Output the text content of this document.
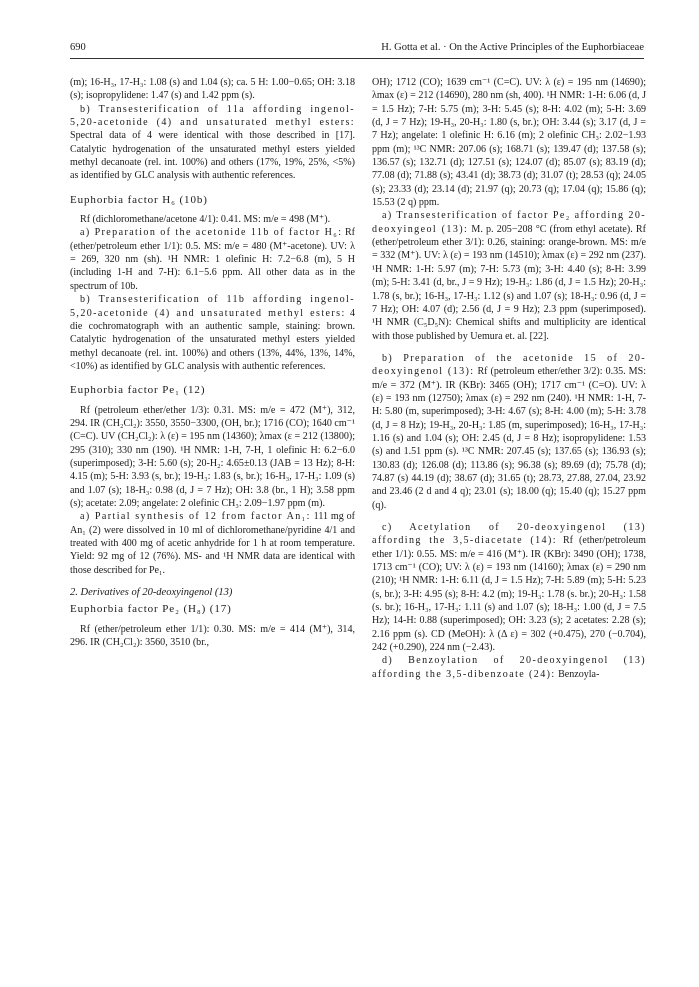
690	H. Gotta et al. · On the Active Principles of the Euphorbiaceae

(m); 16-H₃, 17-H₃: 1.08 (s) and 1.04 (s); ca. 5 H: 1.00−0.65; OH: 3.18 (s); isopropylidene: 1.47 (s) and 1.42 ppm (s).

b) Transesterification of 11a affording ingenol-5,20-acetonide (4) and unsaturated methyl esters: Spectral data of 4 were identical with those described in [17]. Catalytic hydrogenation of the unsaturated methyl esters yielded methyl decanoate (rel. int. 100%) and others (17%, 19%, 25%, <5%) as identified by GLC analysis with authentic references.

Euphorbia factor H₆ (10b)

Rf (dichloromethane/acetone 4/1): 0.41. MS: m/e = 498 (M⁺).

a) Preparation of the acetonide 11b of factor H₆: Rf (ether/petroleum ether 1/1): 0.5. MS: m/e = 480 (M⁺-acetone). UV: λ = 269, 320 nm (sh). ¹H NMR: 1 olefinic H: 7.2−6.8 (m), 5 H (including 1-H and 7-H): 6.1−5.6 ppm. All other data as in the spectrum of 10b.

b) Transesterification of 11b affording ingenol-5,20-acetonide (4) and unsaturated methyl esters: 4 die cochromatograph with an authentic sample, staining: brown. Catalytic hydrogenation of the unsaturated methyl esters yielded methyl decanoate (rel. int. 100%) and others (13%, 44%, 13%, 14%, <10%) as identified by GLC analysis with authentic references.

Euphorbia factor Pe₁ (12)

Rf (petroleum ether/ether 1/3): 0.31. MS: m/e = 472 (M⁺), 312, 294. IR (CH₂Cl₂): 3550, 3550−3300, (OH, br.); 1716 (CO); 1640 cm⁻¹ (C=C). UV (CH₂Cl₂): λ (ε) = 195 nm (14360); λmax (ε = 212 (13800); 295 (310); 330 nm (190). ¹H NMR: 1-H, 7-H, 1 olefinic H: 6.2−6.0 (superimposed); 3-H: 5.60 (s); 20-H₂: 4.65±0.13 (JAB = 13 Hz); 8-H: 4.15 (m); 5-H: 3.93 (s, br.); 19-H₃: 1.83 (s, br.); 16-H₃, 17-H₃: 1.09 (s) and 1.07 (s); 18-H₃: 0.98 (d, J = 7 Hz); OH: 3.8 (br., 1 H); 3.58 ppm (s); acetate: 2.09; angelate: 2 olefinic CH₃: 2.09−1.97 ppm (m).

a) Partial synthesis of 12 from factor An₁: 111 mg of An₁ (2) were dissolved in 10 ml of dichloromethane/pyridine 4/1 and treated with 400 mg of acetic anhydride for 1 h at room temperature. Yield: 92 mg of 12 (76%). MS- and ¹H NMR data are identical with those described for Pe₁.

2. Derivatives of 20-deoxyingenol (13)

Euphorbia factor Pe₂ (H₈) (17)

Rf (ether/petroleum ether 1/1): 0.30. MS: m/e = 414 (M⁺), 314, 296. IR (CH₂Cl₂): 3560, 3510 (br.,

OH); 1712 (CO); 1639 cm⁻¹ (C=C). UV: λ (ε) = 195 nm (14690); λmax (ε) = 212 (14690), 280 nm (sh, 400). ¹H NMR: 1-H: 6.06 (d, J = 1.5 Hz); 7-H: 5.75 (m); 3-H: 5.45 (s); 8-H: 4.02 (m); 5-H: 3.69 (d, J = 7 Hz); 19-H₃, 20-H₃: 1.80 (s, br.); OH: 3.44 (s); 3.17 (d, J = 7 Hz); angelate: 1 olefinic H: 6.16 (m); 2 olefinic CH₃: 2.02−1.93 ppm (m); ¹³C NMR: 207.06 (s); 168.71 (s); 139.47 (d); 137.58 (s); 136.57 (s); 132.71 (d); 127.51 (s); 124.07 (d); 85.07 (s); 83.19 (d); 77.08 (d); 71.88 (s); 43.41 (d); 38.73 (d); 31.07 (t); 28.53 (q); 24.05 (s); 23.33 (d); 23.14 (d); 21.97 (q); 20.73 (q); 17.04 (q); 15.86 (q); 15.53 (2 q) ppm.

a) Transesterification of factor Pe₂ affording 20-deoxyingeol (13): M. p. 205−208 °C (from ethyl acetate). Rf (ether/petroleum ether 3/1): 0.26, staining: orange-brown. MS: m/e = 332 (M⁺). UV: λ (ε) = 193 nm (14510); λmax (ε) = 292 nm (237). ¹H NMR: 1-H: 5.97 (m); 7-H: 5.73 (m); 3-H: 4.40 (s); 8-H: 3.99 (m); 5-H: 3.41 (d, br., J = 9 Hz); 19-H₃: 1.86 (d, J = 1.5 Hz); 20-H₃: 1.78 (s, br.); 16-H₃, 17-H₃: 1.12 (s) and 1.07 (s); 18-H₃: 0.96 (d, J = 7 Hz); OH: 4.07 (d); 2.56 (d, J = 9 Hz); 2.3 ppm (superimposed). ¹H NMR (C₅D₅N): Chemical shifts and multiplicity are identical with those published by Uemura et. al. [22].

b) Preparation of the acetonide 15 of 20-deoxyingenol (13): Rf (petroleum ether/ether 3/2): 0.35. MS: m/e = 372 (M⁺). IR (KBr): 3465 (OH); 1717 cm⁻¹ (C=O). UV: λ (ε) = 193 nm (12750); λmax (ε) = 292 nm (240). ¹H NMR: 1-H, 7-H: 5.80 (m, superimposed); 3-H: 4.67 (s); 8-H: 4.00 (m); 5-H: 3.78 (d, J = 8 Hz); 19-H₃, 20-H₃: 1.85 (m, superimposed); 16-H₃, 17-H₃: 1.16 (s) and 1.04 (s); OH: 2.45 (d, J = 8 Hz); isopropylidene: 1.53 (s) and 1.51 ppm (s). ¹³C NMR: 207.45 (s); 137.65 (s); 136.93 (s); 130.83 (d); 126.08 (d); 113.86 (s); 96.38 (s); 89.69 (d); 75.78 (d); 74.87 (s) 44.19 (d); 38.67 (d); 31.65 (t); 28.73, 27.88, 27.04, 23.92 and 23.46 (2 d and 4 q); 23.01 (s); 18.00 (q); 15.40 (q); 15.27 ppm (q).

c) Acetylation of 20-deoxyingenol (13) affording the 3,5-diacetate (14): Rf (ether/petroleum ether 1/1): 0.55. MS: m/e = 416 (M⁺). IR (KBr): 3490 (OH); 1738, 1713 cm⁻¹ (CO); UV: λ (ε) = 193 nm (14160); λmax (ε) = 290 nm (210); ¹H NMR: 1-H: 6.11 (d, J = 1.5 Hz); 7-H: 5.89 (m); 5-H: 5.23 (s, br.); 3-H: 4.95 (s); 8-H: 4.2 (m); 19-H₃: 1.78 (s. br.); 20-H₃: 1.58 (s. br.); 16-H₃, 17-H₃: 1.11 (s) and 1.07 (s); 18-H₃: 1.00 (d, J = 7.5 Hz); 14-H: 0.88 (superimposed); OH: 3.23 (s); 2 acetates: 2.28 (s); 2.16 ppm (s). CD (MeOH): λ (Δ ε) = 302 (+0.475), 270 (−0.704), 242 (+0.290), 224 nm (−2.43).

d) Benzoylation of 20-deoxyingenol (13) affording the 3,5-dibenzoate (24): Benzoyla-
